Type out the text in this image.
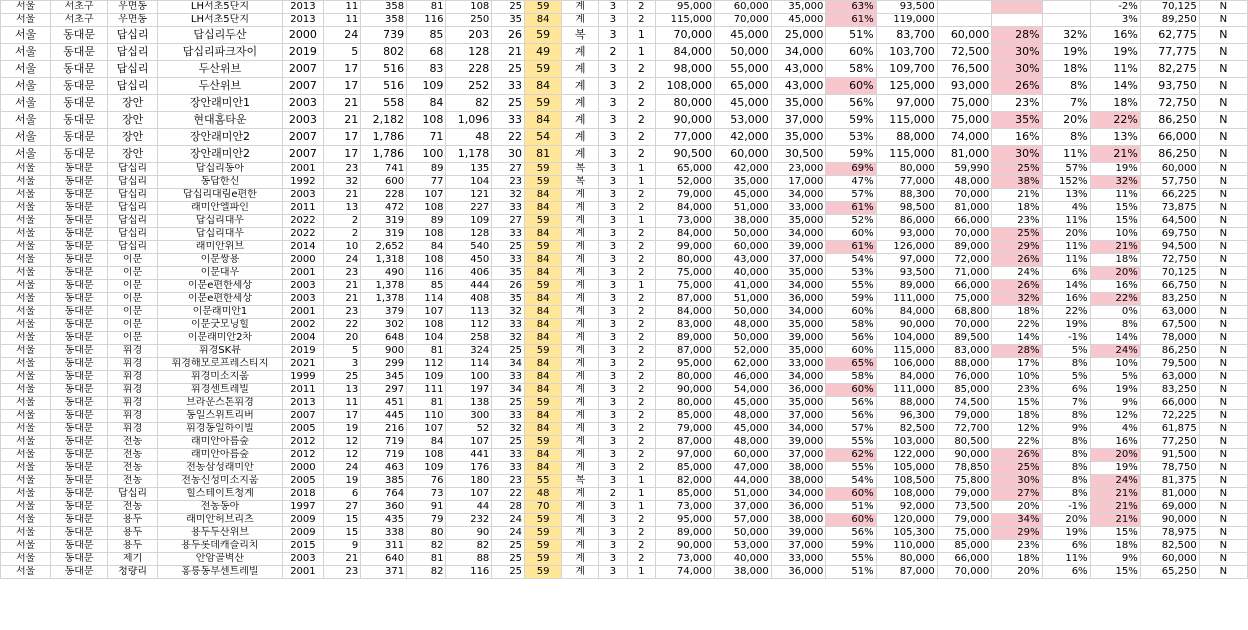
서울	서초구	우면동	LH서초5단지	2013	11	358	81	108	25	59	계	3	2	95,000	60,000	35,000	63%	93,500				-2%	70,125	N
서울	서초구	우면동	LH서초5단지	2013	11	358	116	250	35	84	계	3	2	115,000	70,000	45,000	61%	119,000				3%	89,250	N
서울	동대문	답십리	답십리두산	2000	24	739	85	203	26	59	복	3	1	70,000	45,000	25,000	51%	83,700	60,000	28%	32%	16%	62,775	N
서울	동대문	답십리	답십리파크자이	2019	5	802	68	128	21	49	계	2	1	84,000	50,000	34,000	60%	103,700	72,500	30%	19%	19%	77,775	N
서울	동대문	답십리	두산위브	2007	17	516	83	228	25	59	계	3	2	98,000	55,000	43,000	58%	109,700	76,500	30%	18%	11%	82,275	N
서울	동대문	답십리	두산위브	2007	17	516	109	252	33	84	계	3	2	108,000	65,000	43,000	60%	125,000	93,000	26%	8%	14%	93,750	N
서울	동대문	장안	장안래미안1	2003	21	558	84	82	25	59	계	3	2	80,000	45,000	35,000	56%	97,000	75,000	23%	7%	18%	72,750	N
서울	동대문	장안	현대홈타운	2003	21	2,182	108	1,096	33	84	계	3	2	90,000	53,000	37,000	59%	115,000	75,000	35%	20%	22%	86,250	N
서울	동대문	장안	장안래미안2	2007	17	1,786	71	48	22	54	계	3	2	77,000	42,000	35,000	53%	88,000	74,000	16%	8%	13%	66,000	N
서울	동대문	장안	장안래미안2	2007	17	1,786	100	1,178	30	81	계	3	2	90,500	60,000	30,500	59%	115,000	81,000	30%	11%	21%	86,250	N
서울	동대문	답십리	답십리동아	2001	23	741	89	135	27	59	복	3	1	65,000	42,000	23,000	69%	80,000	59,990	25%	57%	19%	60,000	N
서울	동대문	답십리	동답한신	1992	32	600	77	104	23	59	복	3	1	52,000	35,000	17,000	47%	77,000	48,000	38%	152%	32%	57,750	N
서울	동대문	답십리	답십리대림e편한	2003	21	228	107	121	32	84	계	3	2	79,000	45,000	34,000	57%	88,300	70,000	21%	13%	11%	66,225	N
서울	동대문	답십리	래미안엘파인	2011	13	472	108	227	33	84	계	3	2	84,000	51,000	33,000	61%	98,500	81,000	18%	4%	15%	73,875	N
서울	동대문	답십리	답십리대우	2022	2	319	89	109	27	59	계	3	1	73,000	38,000	35,000	52%	86,000	66,000	23%	11%	15%	64,500	N
서울	동대문	답십리	답십리대우	2022	2	319	108	128	33	84	계	3	2	84,000	50,000	34,000	60%	93,000	70,000	25%	20%	10%	69,750	N
서울	동대문	답십리	래미안위브	2014	10	2,652	84	540	25	59	계	3	2	99,000	60,000	39,000	61%	126,000	89,000	29%	11%	21%	94,500	N
서울	동대문	이문	이문쌍용	2000	24	1,318	108	450	33	84	계	3	2	80,000	43,000	37,000	54%	97,000	72,000	26%	11%	18%	72,750	N
서울	동대문	이문	이문대우	2001	23	490	116	406	35	84	계	3	2	75,000	40,000	35,000	53%	93,500	71,000	24%	6%	20%	70,125	N
서울	동대문	이문	이문e편한세상	2003	21	1,378	85	444	26	59	계	3	1	75,000	41,000	34,000	55%	89,000	66,000	26%	14%	16%	66,750	N
서울	동대문	이문	이문e편한세상	2003	21	1,378	114	408	35	84	계	3	2	87,000	51,000	36,000	59%	111,000	75,000	32%	16%	22%	83,250	N
서울	동대문	이문	이문래미안1	2001	23	379	107	113	32	84	계	3	2	84,000	50,000	34,000	60%	84,000	68,800	18%	22%	0%	63,000	N
서울	동대문	이문	이문굿모닝힐	2002	22	302	108	112	33	84	계	3	2	83,000	48,000	35,000	58%	90,000	70,000	22%	19%	8%	67,500	N
서울	동대문	이문	이문래미안2차	2004	20	648	104	258	32	84	계	3	2	89,000	50,000	39,000	56%	104,000	89,500	14%	-1%	14%	78,000	N
서울	동대문	휘경	휘경SK뷰	2019	5	900	81	324	25	59	계	3	2	87,000	52,000	35,000	60%	115,000	83,000	28%	5%	24%	86,250	N
서울	동대문	휘경	휘경해모로프레스티지	2021	3	299	112	114	34	84	계	3	2	95,000	62,000	33,000	65%	106,000	88,000	17%	8%	10%	79,500	N
서울	동대문	휘경	휘경미소지움	1999	25	345	109	100	33	84	계	3	2	80,000	46,000	34,000	58%	84,000	76,000	10%	5%	5%	63,000	N
서울	동대문	휘경	휘경센트레빌	2011	13	297	111	197	34	84	계	3	2	90,000	54,000	36,000	60%	111,000	85,000	23%	6%	19%	83,250	N
서울	동대문	휘경	브라운스톤휘경	2013	11	451	81	138	25	59	계	3	2	80,000	45,000	35,000	56%	88,000	74,500	15%	7%	9%	66,000	N
서울	동대문	휘경	동일스위트리버	2007	17	445	110	300	33	84	계	3	2	85,000	48,000	37,000	56%	96,300	79,000	18%	8%	12%	72,225	N
서울	동대문	휘경	휘경동일하이빌	2005	19	216	107	52	32	84	계	3	2	79,000	45,000	34,000	57%	82,500	72,700	12%	9%	4%	61,875	N
서울	동대문	전농	래미안아름숲	2012	12	719	84	107	25	59	계	3	2	87,000	48,000	39,000	55%	103,000	80,500	22%	8%	16%	77,250	N
서울	동대문	전농	래미안아름숲	2012	12	719	108	441	33	84	계	3	2	97,000	60,000	37,000	62%	122,000	90,000	26%	8%	20%	91,500	N
서울	동대문	전농	전농삼성래미안	2000	24	463	109	176	33	84	계	3	2	85,000	47,000	38,000	55%	105,000	78,850	25%	8%	19%	78,750	N
서울	동대문	전농	전농신성미소지움	2005	19	385	76	180	23	55	복	3	1	82,000	44,000	38,000	54%	108,500	75,800	30%	8%	24%	81,375	N
서울	동대문	답십리	힐스테이트청계	2018	6	764	73	107	22	48	계	2	1	85,000	51,000	34,000	60%	108,000	79,000	27%	8%	21%	81,000	N
서울	동대문	전농	전농동아	1997	27	360	91	44	28	70	계	3	1	73,000	37,000	36,000	51%	92,000	73,500	20%	-1%	21%	69,000	N
서울	동대문	용두	래미안허브리츠	2009	15	435	79	232	24	59	계	3	2	95,000	57,000	38,000	60%	120,000	79,000	34%	20%	21%	90,000	N
서울	동대문	용두	용두두산위브	2009	15	338	80	90	24	59	계	3	2	89,000	50,000	39,000	56%	105,300	75,000	29%	19%	15%	78,975	N
서울	동대문	용두	용두롯데캐슬리치	2015	9	311	82	82	25	59	계	3	2	90,000	53,000	37,000	59%	110,000	85,000	23%	6%	18%	82,500	N
서울	동대문	제기	안암골벽산	2003	21	640	81	88	25	59	계	3	2	73,000	40,000	33,000	55%	80,000	66,000	18%	11%	9%	60,000	N
서울	동대문	청량리	홍릉동부센트레빌	2001	23	371	82	116	25	59	계	3	1	74,000	38,000	36,000	51%	87,000	70,000	20%	6%	15%	65,250	N
